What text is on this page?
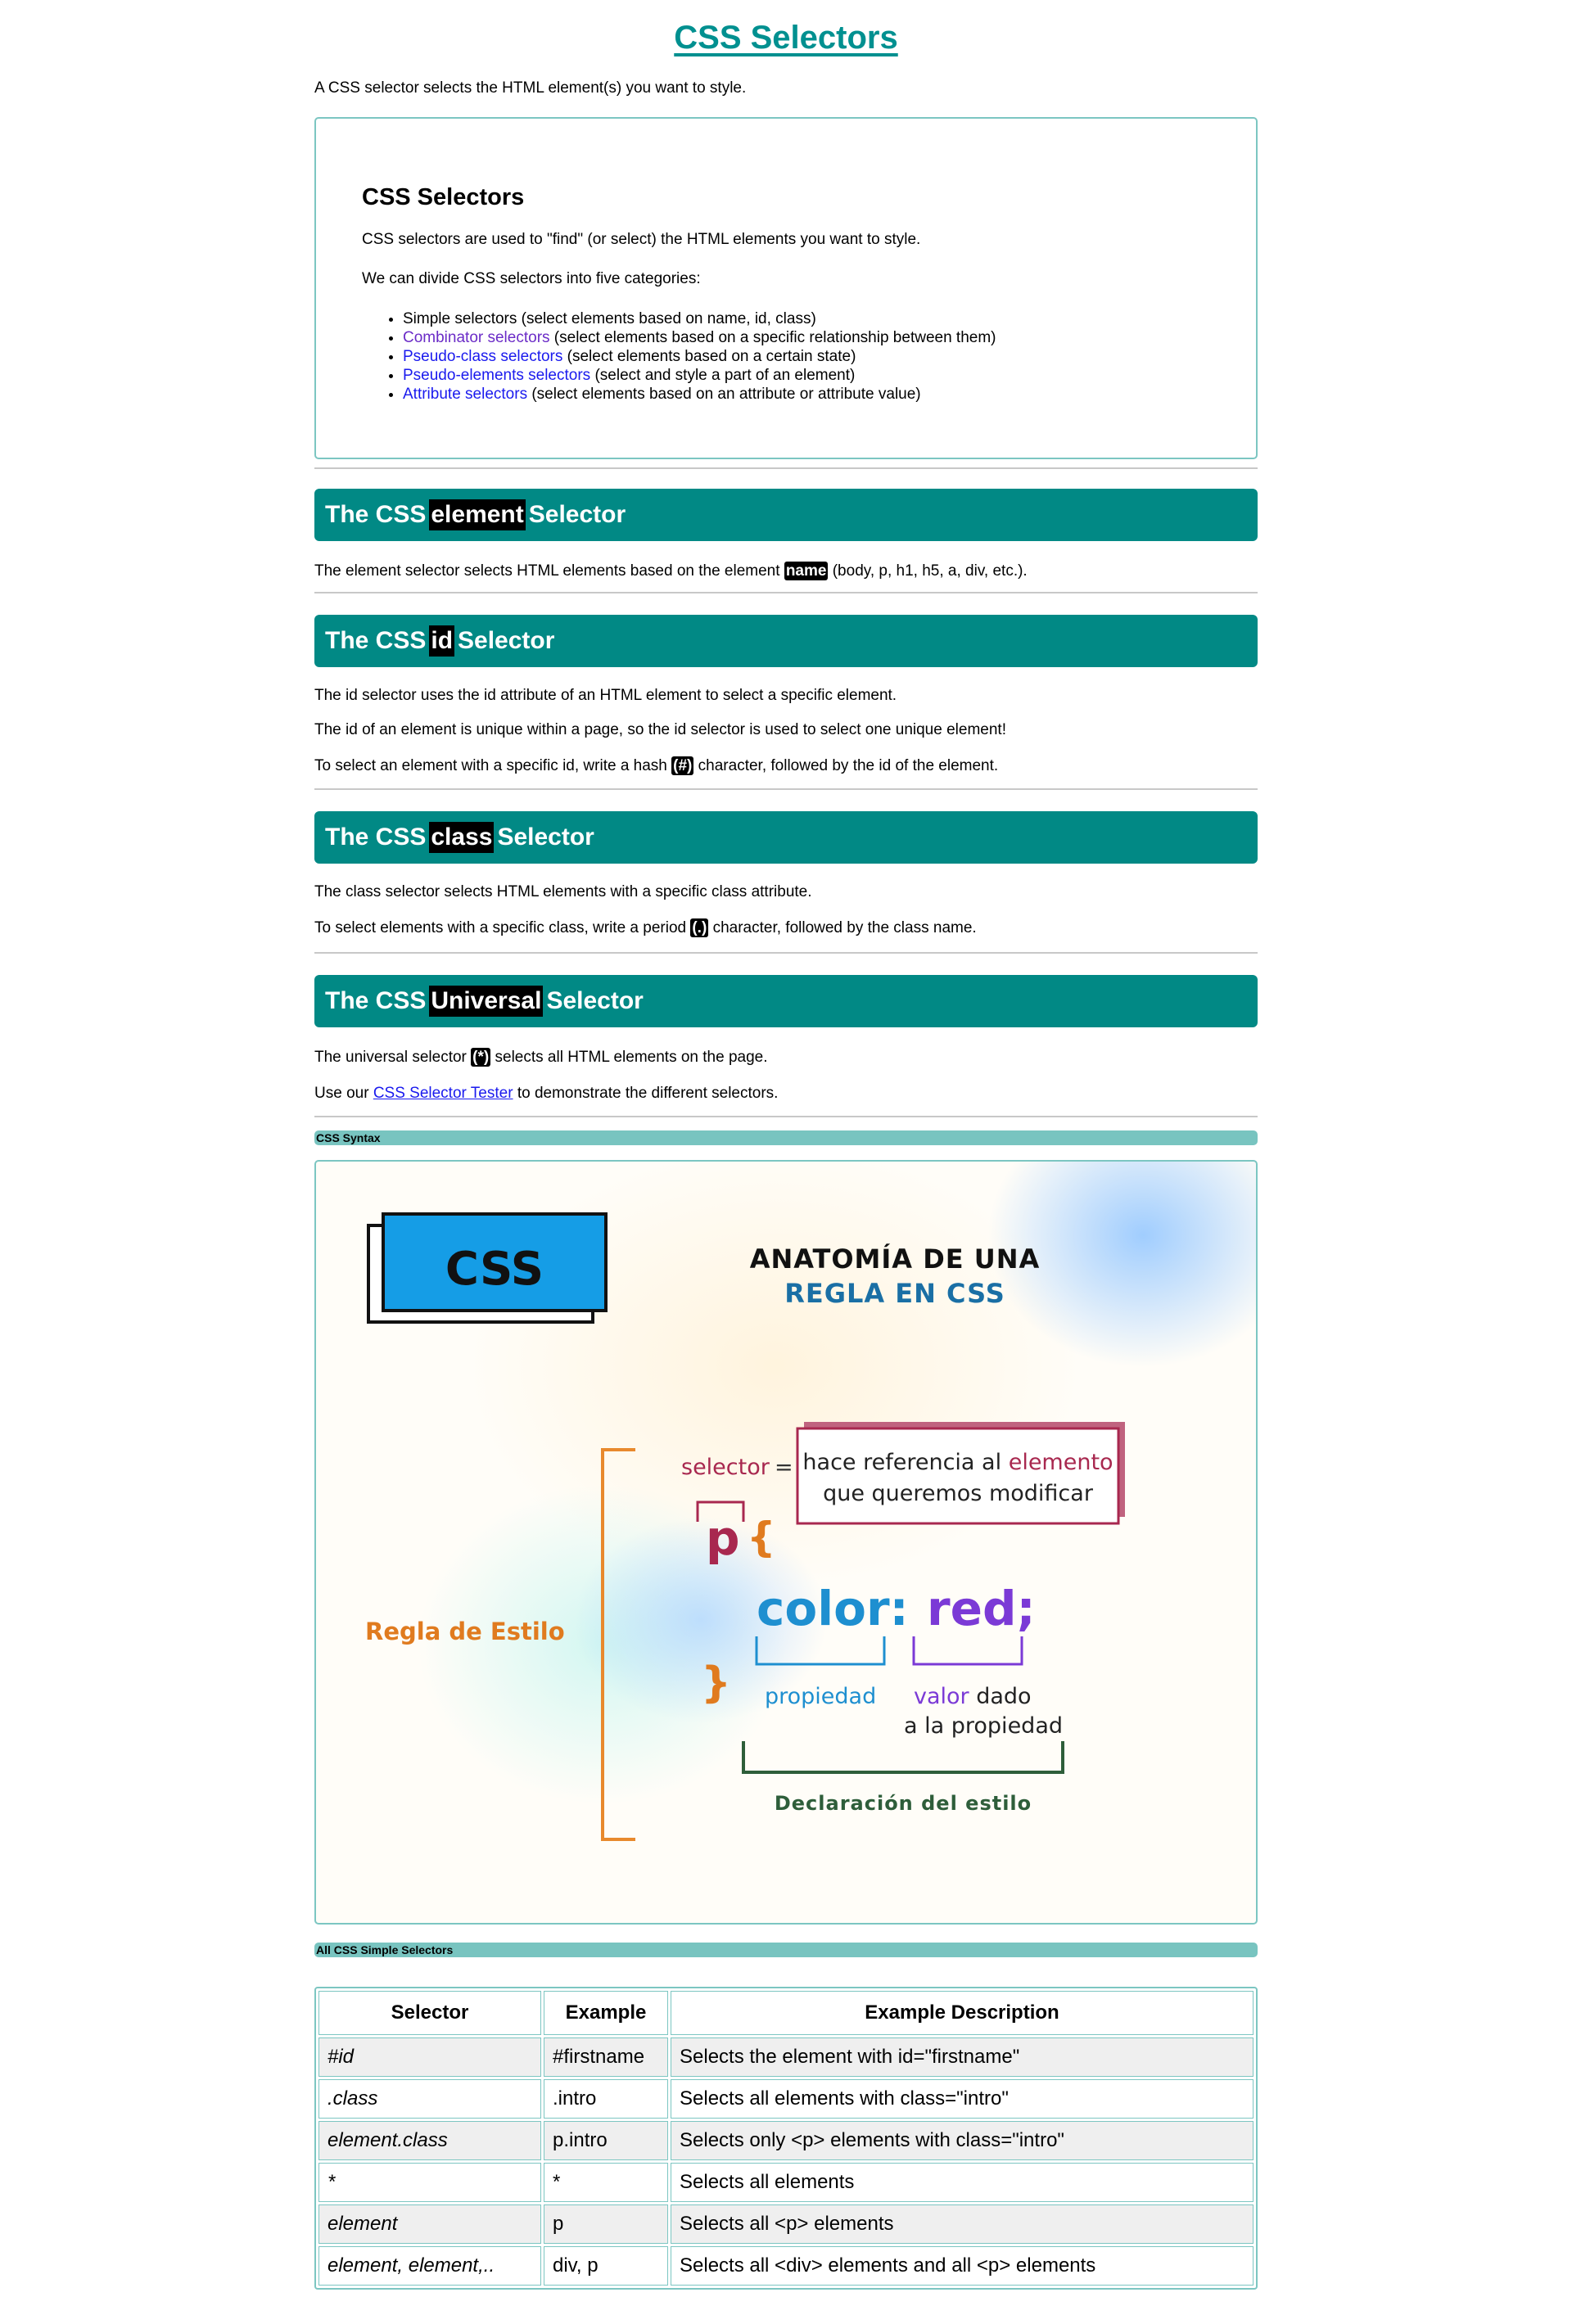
CSS Selectors

A CSS selector selects the HTML element(s) you want to style.

CSS Selectors

CSS selectors are used to "find" (or select) the HTML elements you want to style.

We can divide CSS selectors into five categories:

• Simple selectors (select elements based on name, id, class)
• Combinator selectors (select elements based on a specific relationship between them)
• Pseudo-class selectors (select elements based on a certain state)
• Pseudo-elements selectors (select and style a part of an element)
• Attribute selectors (select elements based on an attribute or attribute value)
The CSS element Selector

The element selector selects HTML elements based on the element name (body, p, h1, h5, a, div, etc.).

The CSS id Selector

The id selector uses the id attribute of an HTML element to select a specific element.

The id of an element is unique within a page, so the id selector is used to select one unique element!

To select an element with a specific id, write a hash (#) character, followed by the id of the element.

The CSS class Selector

The class selector selects HTML elements with a specific class attribute.

To select elements with a specific class, write a period (.) character, followed by the class name.

The CSS Universal Selector

The universal selector (*) selects all HTML elements on the page.

Use our CSS Selector Tester to demonstrate the different selectors.

CSS Syntax
CSS	ANATOMÍA DE UNA
REGLA EN CSS
Regla de Estilo
selector = hace referencia al elemento
que queremos modificar
p {
color: red;
} propiedad valor dado
a la propiedad
Declaración del estilo
All CSS Simple Selectors
Selector	Example	Example Description
#id	#firstname	Selects the element with id="firstname"
.class	.intro	Selects all elements with class="intro"
element.class	p.intro	Selects only <p> elements with class="intro"
*	*	Selects all elements
element	p	Selects all <p> elements
element, element,..	div, p	Selects all <div> elements and all <p> elements
